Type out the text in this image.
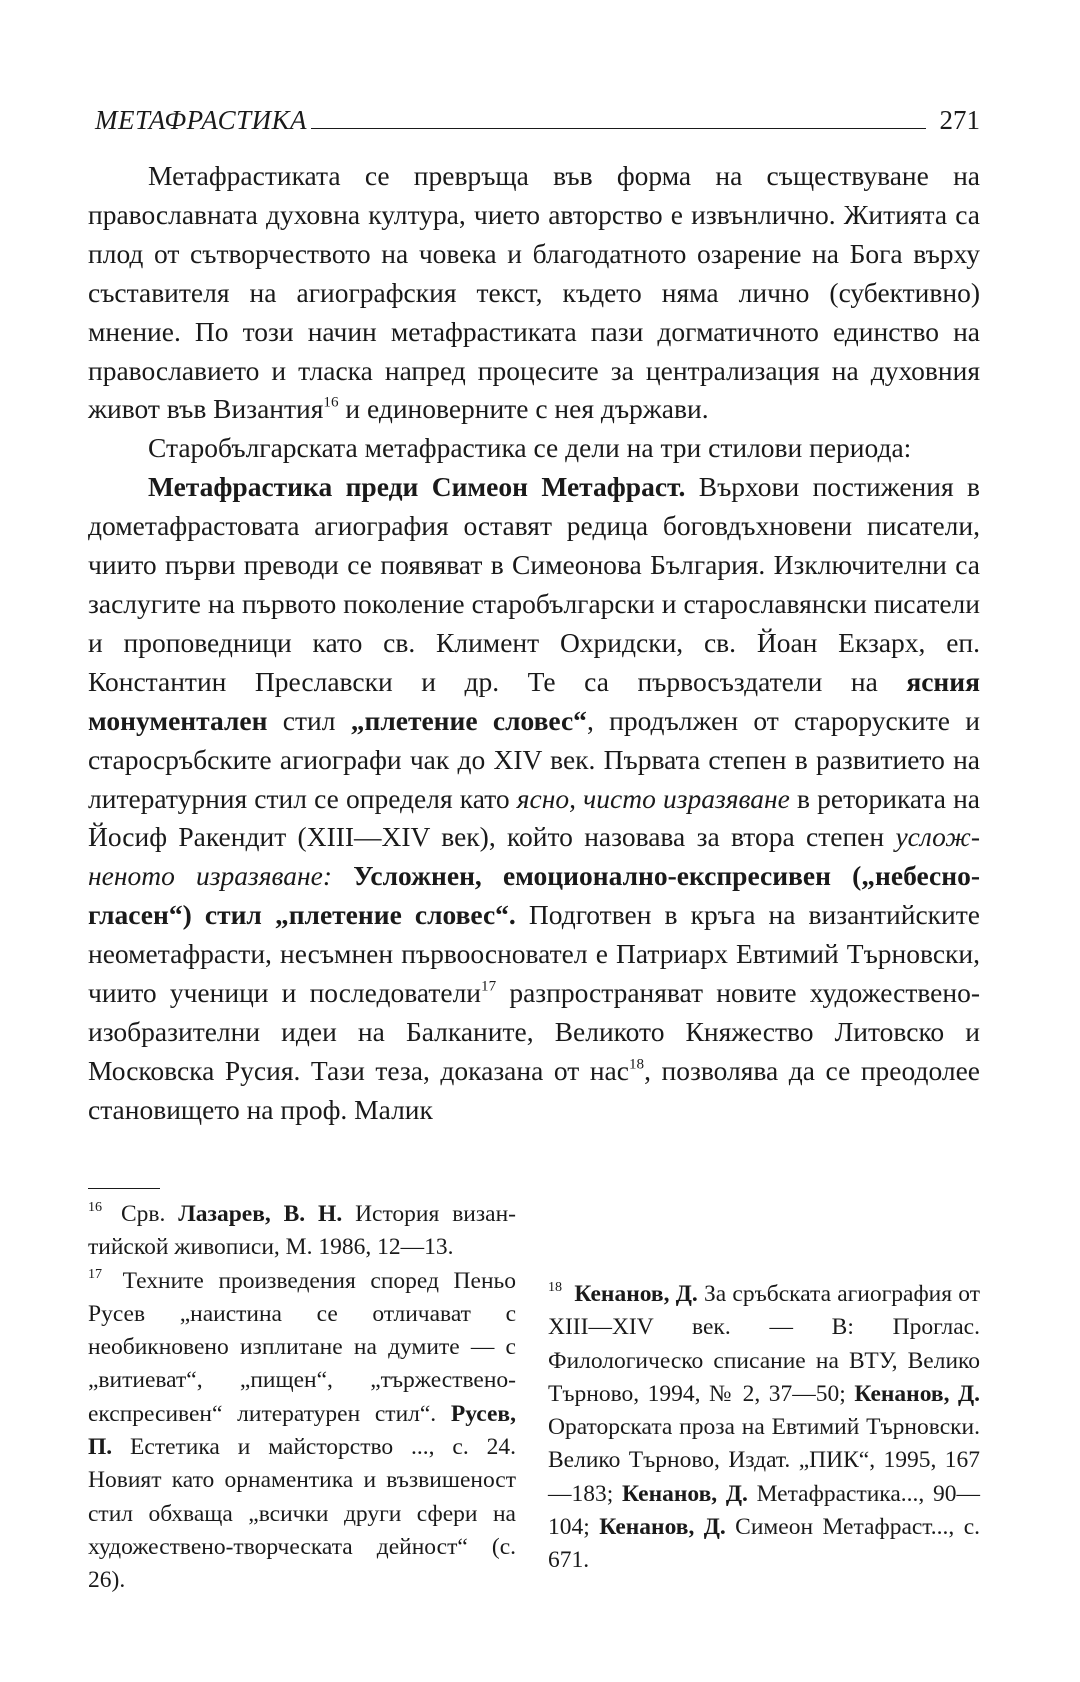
МЕТАФРАСТИКА	271

Метафрастиката се превръща във форма на съществуване на православната духовна култура, чието авторство е извънлично. Житията са плод от сътворчеството на човека и благодатното озарение на Бога върху съставителя на агиографския текст, където няма лично (субективно) мнение. По този начин метафрастиката пази догматичното единство на православието и тласка напред процесите за централизация на духовния живот във Византия$^{16}$ и единоверните с нея държави.

Старобългарската метафрастика се дели на три стилови периода:

Метафрастика преди Симеон Метафраст. Върхови постижения в дометафрастовата агиография оставят редица боговдъхновени писатели, чиито първи преводи се появяват в Симеонова България. Изключителни са заслугите на първото поколение старобългарски и старославянски писатели и проповедници като св. Климент Охридски, св. Йоан Екзарх, еп. Константин Преславски и др. Те са първосъздатели на ясния монументален стил „плетение словес“, продължен от староруските и старосръбските агиографи чак до XIV век. Първата степен в развитието на литературния стил се определя като ясно, чисто изразяване в реториката на Йосиф Ракендит (XIII—XIV век), който назовава за втора степен усложненото изразяване: Усложнен, емоционално-експресивен („небесногласен“) стил „плетение словес“. Подготвен в кръга на византийските неометафрасти, несъмнен първоосновател е Патриарх Евтимий Търновски, чиито ученици и последователи$^{17}$ разпространяват новите художествено-изобразителни идеи на Балканите, Великото Княжество Литовско и Московска Русия. Тази теза, доказана от нас$^{18}$, позволява да се преодолее становището на проф. Малик

$^{16}$ Срв. Лазарев, В. Н. История византийской живописи, М. 1986, 12—13.

$^{17}$ Техните произведения според Пеньо Русев „наистина се отличават с необикновено изплитане на думите — с „витиеват“, „пищен“, „тържествено-експресивен“ литературен стил“. Русев, П. Естетика и майсторство ..., с. 24. Новият като орнаментика и възвишеност стил обхваща „всички други сфери на художествено-творческата дейност“ (с. 26).

$^{18}$ Кенанов, Д. За сръбската агиография от XIII—XIV век. — В: Проглас. Филологическо списание на ВТУ, Велико Търново, 1994, № 2, 37—50; Кенанов, Д. Ораторската проза на Евтимий Търновски. Велико Търново, Издат. „ПИК“, 1995, 167—183; Кенанов, Д. Метафрастика..., 90—104; Кенанов, Д. Симеон Метафраст..., с. 671.
